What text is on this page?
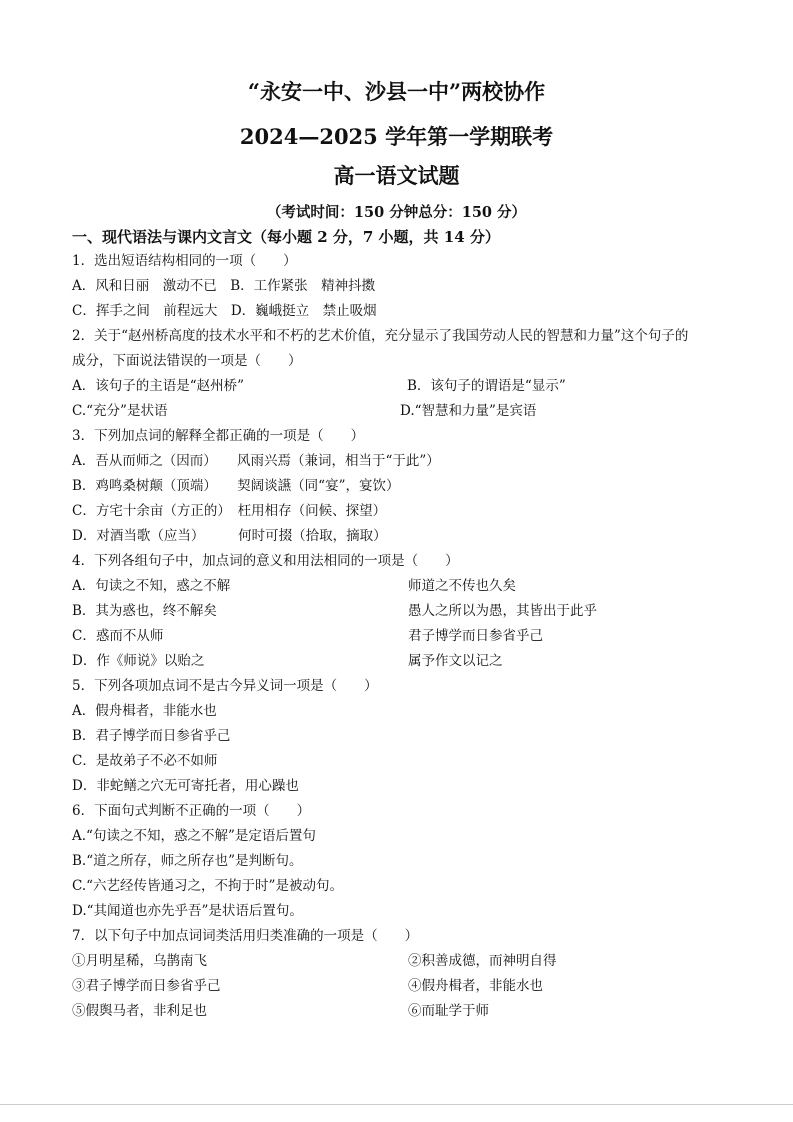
“永安一中、沙县一中”两校协作
2024—2025 学年第一学期联考
高一语文试题
（考试时间：150 分钟总分：150 分）
一、现代语法与课内文言文（每小题 2 分，7 小题，共 14 分）
1．选出短语结构相同的一项（　　）
A．风和日丽　激动不已　B．工作紧张　精神抖擞
C．挥手之间　前程远大　D．巍峨挺立　禁止吸烟
2．关于“赵州桥高度的技术水平和不朽的艺术价值，充分显示了我国劳动人民的智慧和力量”这个句子的
成分，下面说法错误的一项是（　　）
A．该句子的主语是“赵州桥”	B．该句子的谓语是“显示”
C.“充分”是状语	D.“智慧和力量”是宾语
3．下列加点词的解释全都正确的一项是（　　）
A．吾从而师之（因而）　　风雨兴焉（兼词，相当于“于此”）
B．鸡鸣桑树颠（顶端）　　契阔谈讌（同“宴”，宴饮）
C．方宅十余亩（方正的）　枉用相存（问候、探望）
D．对酒当歌（应当）　　　何时可掇（拾取，摘取）
4．下列各组句子中，加点词的意义和用法相同的一项是（　　）
A．句读之不知，惑之不解	师道之不传也久矣
B．其为惑也，终不解矣	愚人之所以为愚，其皆出于此乎
C．惑而不从师	君子博学而日参省乎己
D．作《师说》以贻之	属予作文以记之
5．下列各项加点词不是古今异义词一项是（　　）
A．假舟楫者，非能水也
B．君子博学而日参省乎己
C．是故弟子不必不如师
D．非蛇鳝之穴无可寄托者，用心躁也
6．下面句式判断不正确的一项（　　）
A.“句读之不知，惑之不解”是定语后置句
B.“道之所存，师之所存也”是判断句。
C.“六艺经传皆通习之，不拘于时”是被动句。
D.“其闻道也亦先乎吾”是状语后置句。
7．以下句子中加点词词类活用归类准确的一项是（　　）
①月明星稀，乌鹊南飞	②积善成德，而神明自得
③君子博学而日参省乎己	④假舟楫者，非能水也
⑤假舆马者，非利足也	⑥而耻学于师
